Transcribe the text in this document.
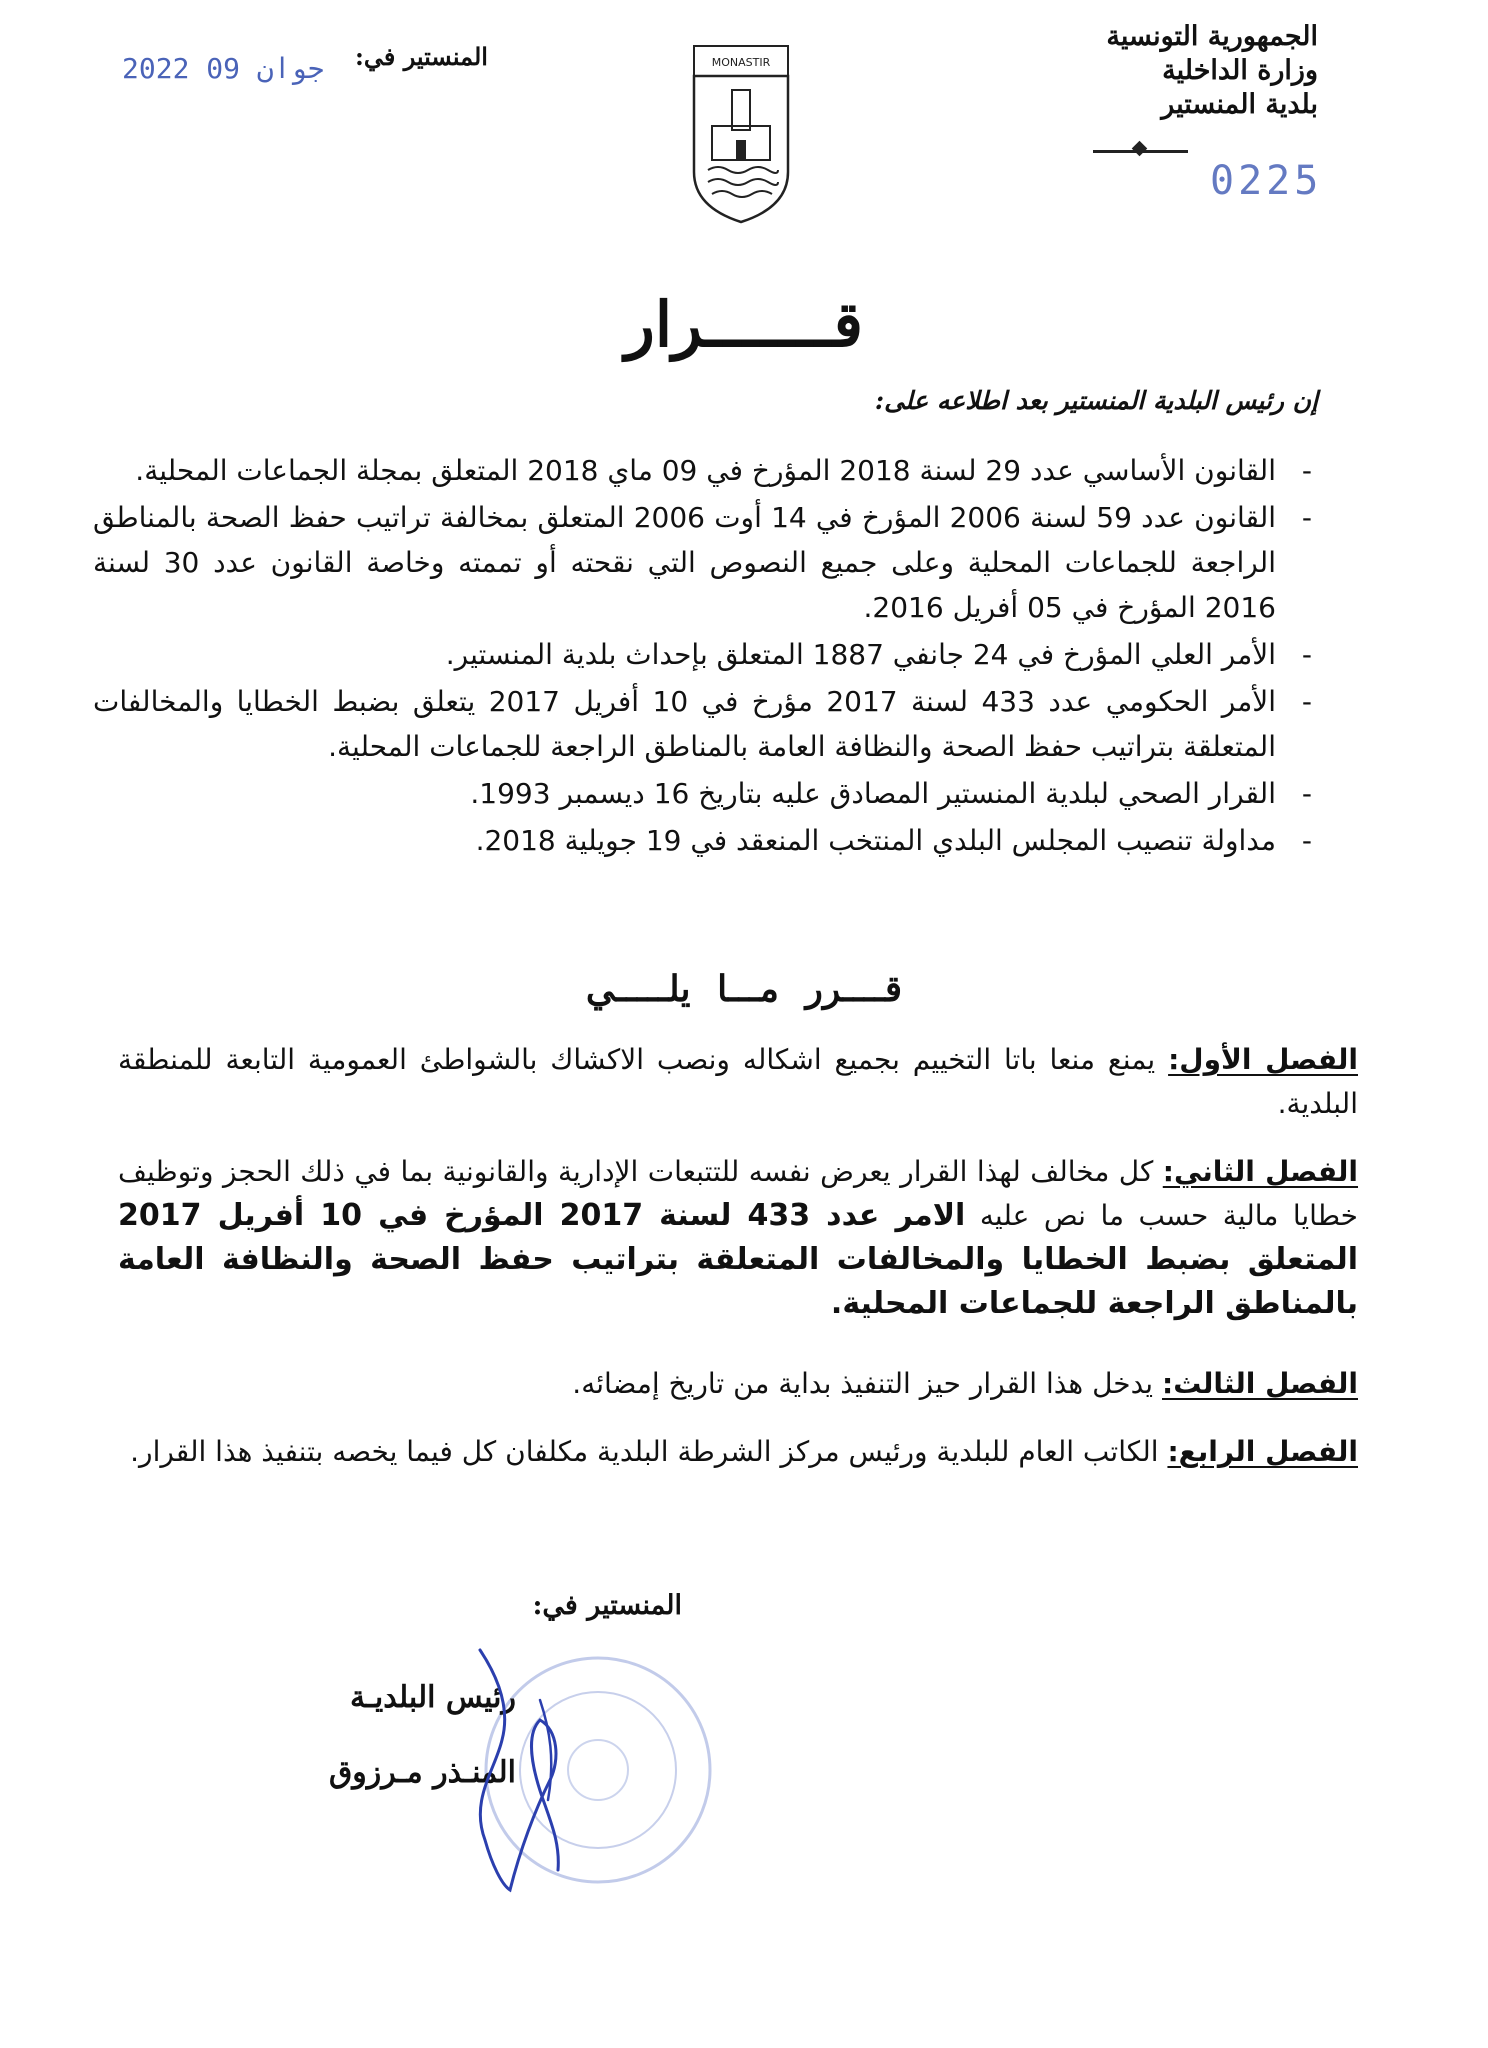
الجمهورية التونسية
وزارة الداخلية
بلدية المنستير
0225
المنستير في:
2022 جوان 09	MONASTIR
قـــــــرار
إن رئيس البلدية المنستير بعد اطلاعه على:
-
القانون الأساسي عدد 29 لسنة 2018 المؤرخ في 09 ماي 2018 المتعلق بمجلة الجماعات المحلية.
-
القانون عدد 59 لسنة 2006 المؤرخ في 14 أوت 2006 المتعلق بمخالفة تراتيب حفظ الصحة بالمناطق الراجعة للجماعات المحلية وعلى جميع النصوص التي نقحته أو تممته وخاصة القانون عدد 30 لسنة 2016 المؤرخ في 05 أفريل 2016.
-
الأمر العلي المؤرخ في 24 جانفي 1887 المتعلق بإحداث بلدية المنستير.
-
الأمر الحكومي عدد 433 لسنة 2017 مؤرخ في 10 أفريل 2017 يتعلق بضبط الخطايا والمخالفات المتعلقة بتراتيب حفظ الصحة والنظافة العامة بالمناطق الراجعة للجماعات المحلية.
-
القرار الصحي لبلدية المنستير المصادق عليه بتاريخ 16 ديسمبر 1993.
-
مداولة تنصيب المجلس البلدي المنتخب المنعقد في 19 جويلية 2018.
قــــرر مـــا يلـــــي
الفصل الأول: يمنع منعا باتا التخييم بجميع اشكاله ونصب الاكشاك بالشواطئ العمومية التابعة للمنطقة البلدية.
الفصل الثاني: كل مخالف لهذا القرار يعرض نفسه للتتبعات الإدارية والقانونية بما في ذلك الحجز وتوظيف خطايا مالية حسب ما نص عليه الامر عدد 433 لسنة 2017 المؤرخ في 10 أفريل 2017 المتعلق بضبط الخطايا والمخالفات المتعلقة بتراتيب حفظ الصحة والنظافة العامة بالمناطق الراجعة للجماعات المحلية.
الفصل الثالث: يدخل هذا القرار حيز التنفيذ بداية من تاريخ إمضائه.
الفصل الرابع: الكاتب العام للبلدية ورئيس مركز الشرطة البلدية مكلفان كل فيما يخصه بتنفيذ هذا القرار.
المنستير في:
رئيس البلديـة
المنـذر مـرزوق
